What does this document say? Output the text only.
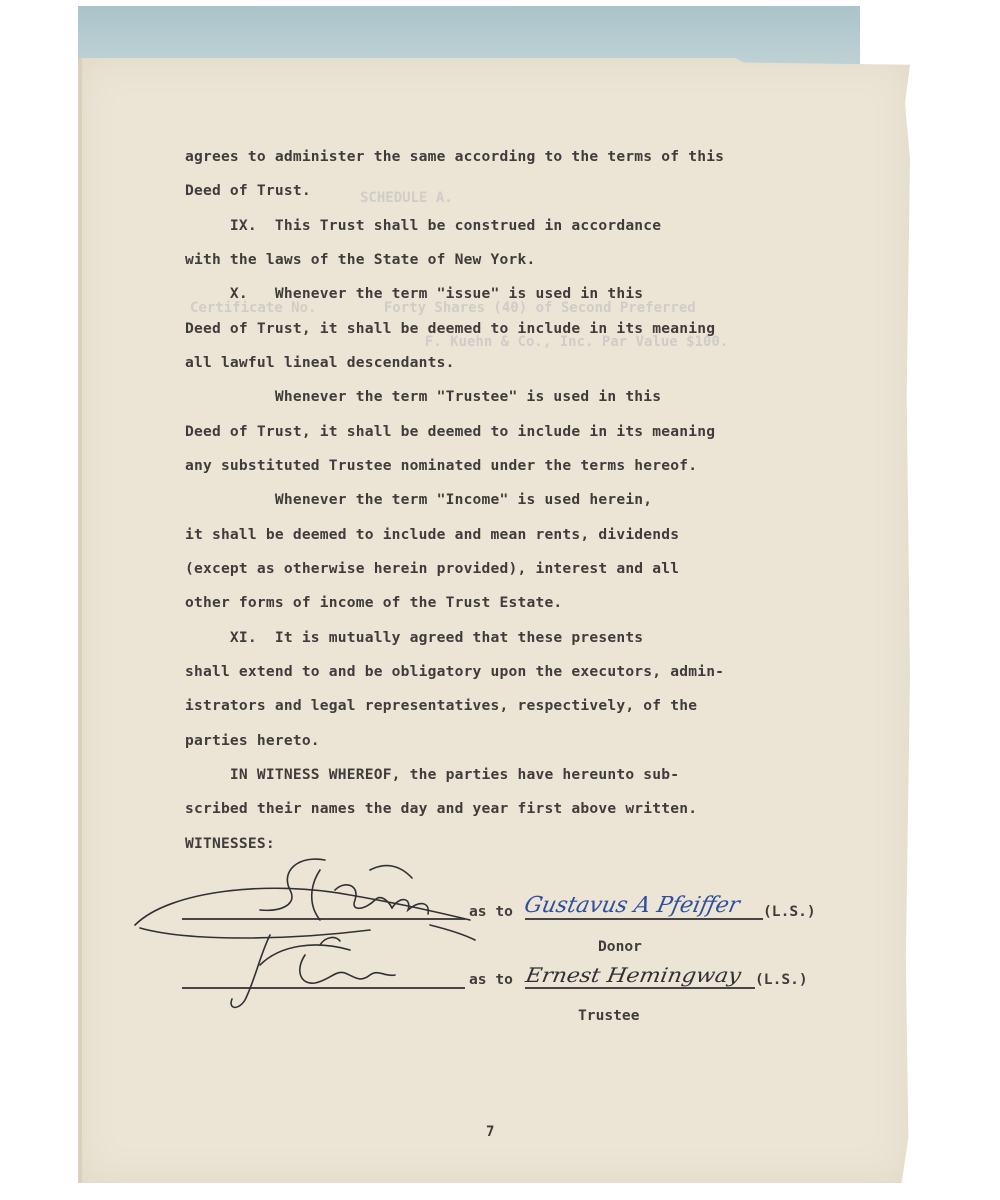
SCHEDULE A.
Certificate No.        Forty Shares (40) of Second Preferred
F. Kuehn & Co., Inc. Par Value $100.
agrees to administer the same according to the terms of this
Deed of Trust.
IX.  This Trust shall be construed in accordance
with the laws of the State of New York.
X.   Whenever the term "issue" is used in this
Deed of Trust, it shall be deemed to include in its meaning
all lawful lineal descendants.
Whenever the term "Trustee" is used in this
Deed of Trust, it shall be deemed to include in its meaning
any substituted Trustee nominated under the terms hereof.
Whenever the term "Income" is used herein,
it shall be deemed to include and mean rents, dividends
(except as otherwise herein provided), interest and all
other forms of income of the Trust Estate.
XI.  It is mutually agreed that these presents
shall extend to and be obligatory upon the executors, admin-
istrators and legal representatives, respectively, of the
parties hereto.
IN WITNESS WHEREOF, the parties have hereunto sub-
scribed their names the day and year first above written.
WITNESSES:
as to	(L.S.)
Donor
as to	(L.S.)
Trustee
Gustavus A Pfeiffer
Ernest Hemingway
7
